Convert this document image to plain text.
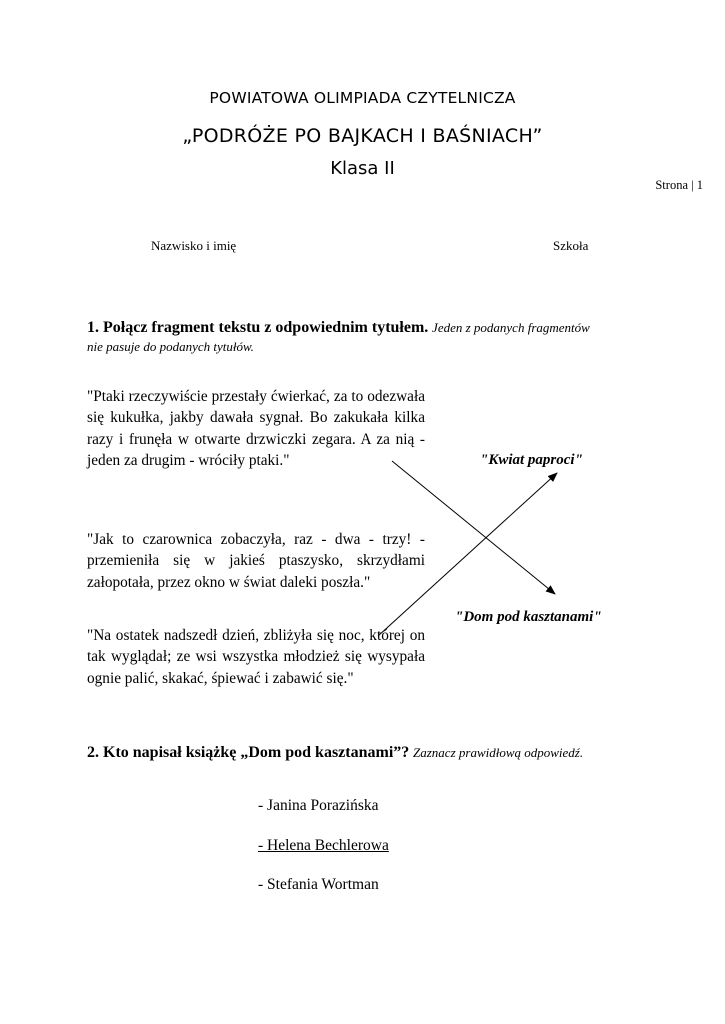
POWIATOWA OLIMPIADA CZYTELNICZA
„PODRÓŻE PO BAJKACH I BAŚNIACH”
Klasa II
Strona | 1
Nazwisko i imię	Szkoła
1. Połącz fragment tekstu z odpowiednim tytułem. Jeden z podanych fragmentów
nie pasuje do podanych tytułów.
"Ptaki rzeczywiście przestały ćwierkać, za to odezwała się kukułka, jakby dawała sygnał. Bo zakukała kilka razy i frunęła w otwarte drzwiczki zegara. A za nią - jeden za drugim - wróciły ptaki."
"Jak to czarownica zobaczyła, raz - dwa - trzy! - przemieniła się w jakieś ptaszysko, skrzydłami załopotała, przez okno w świat daleki poszła."
"Na ostatek nadszedł dzień, zbliżyła się noc, której on tak wyglądał; ze wsi wszystka młodzież się wysypała ognie palić, skakać, śpiewać i zabawić się."
"Kwiat paproci"
"Dom pod kasztanami"
2. Kto napisał książkę „Dom pod kasztanami”? Zaznacz prawidłową odpowiedź.
- Janina Porazińska
- Helena Bechlerowa
- Stefania Wortman
